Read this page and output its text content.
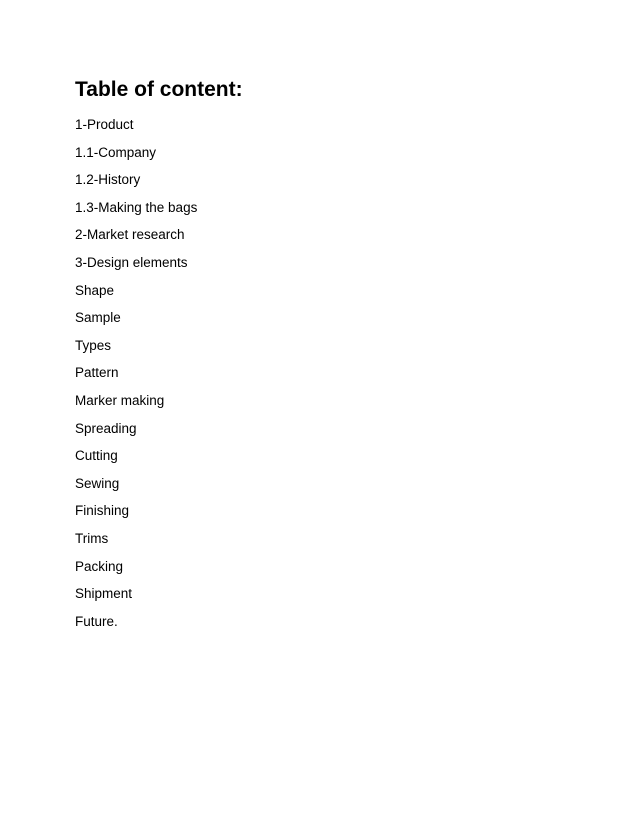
Table of content:
1-Product
1.1-Company
1.2-History
1.3-Making the bags
2-Market research
3-Design elements
Shape
Sample
Types
Pattern
Marker making
Spreading
Cutting
Sewing
Finishing
Trims
Packing
Shipment
Future.
